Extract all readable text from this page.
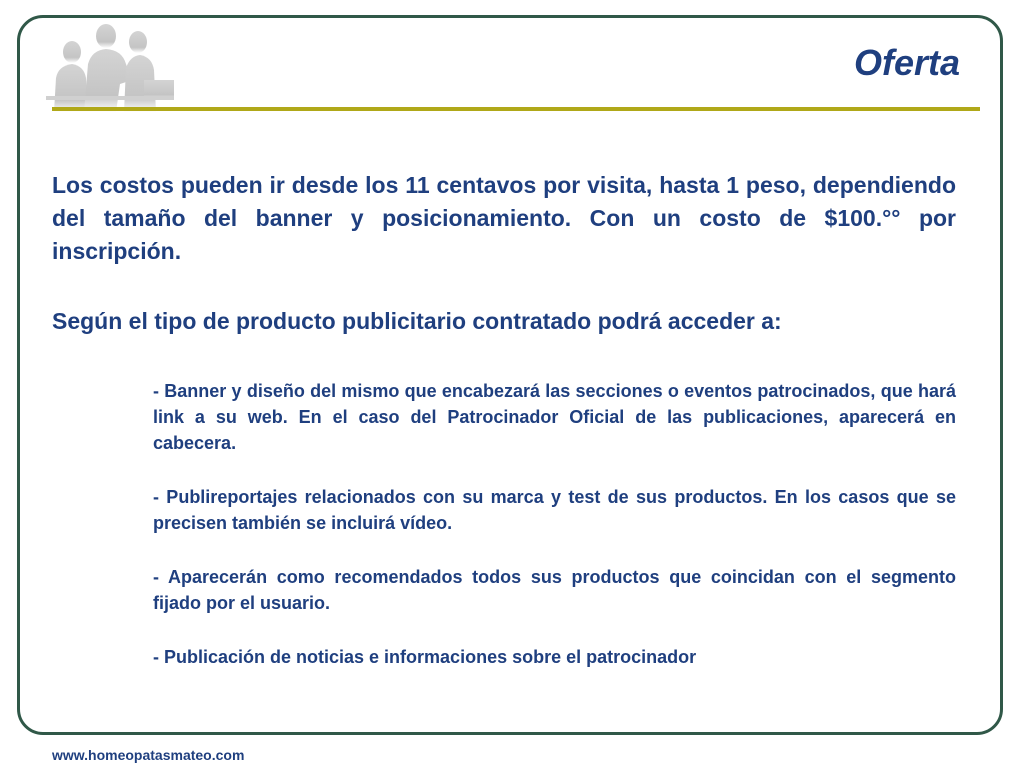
Oferta

Los costos pueden ir desde los 11 centavos por visita, hasta 1 peso, dependiendo del tamaño del banner y posicionamiento. Con un costo de $100.°° por inscripción.

Según el tipo de producto publicitario contratado podrá acceder a:

- Banner y diseño del mismo que encabezará las secciones o eventos patrocinados, que hará link a su web. En el caso del Patrocinador Oficial de las publicaciones, aparecerá en cabecera.
- Publireportajes relacionados con su marca y test de sus productos. En los casos que se precisen también se incluirá vídeo.
- Aparecerán como recomendados todos sus productos que coincidan con el segmento fijado por el usuario.
- Publicación de noticias e informaciones sobre el patrocinador
www.homeopatasmateo.com
